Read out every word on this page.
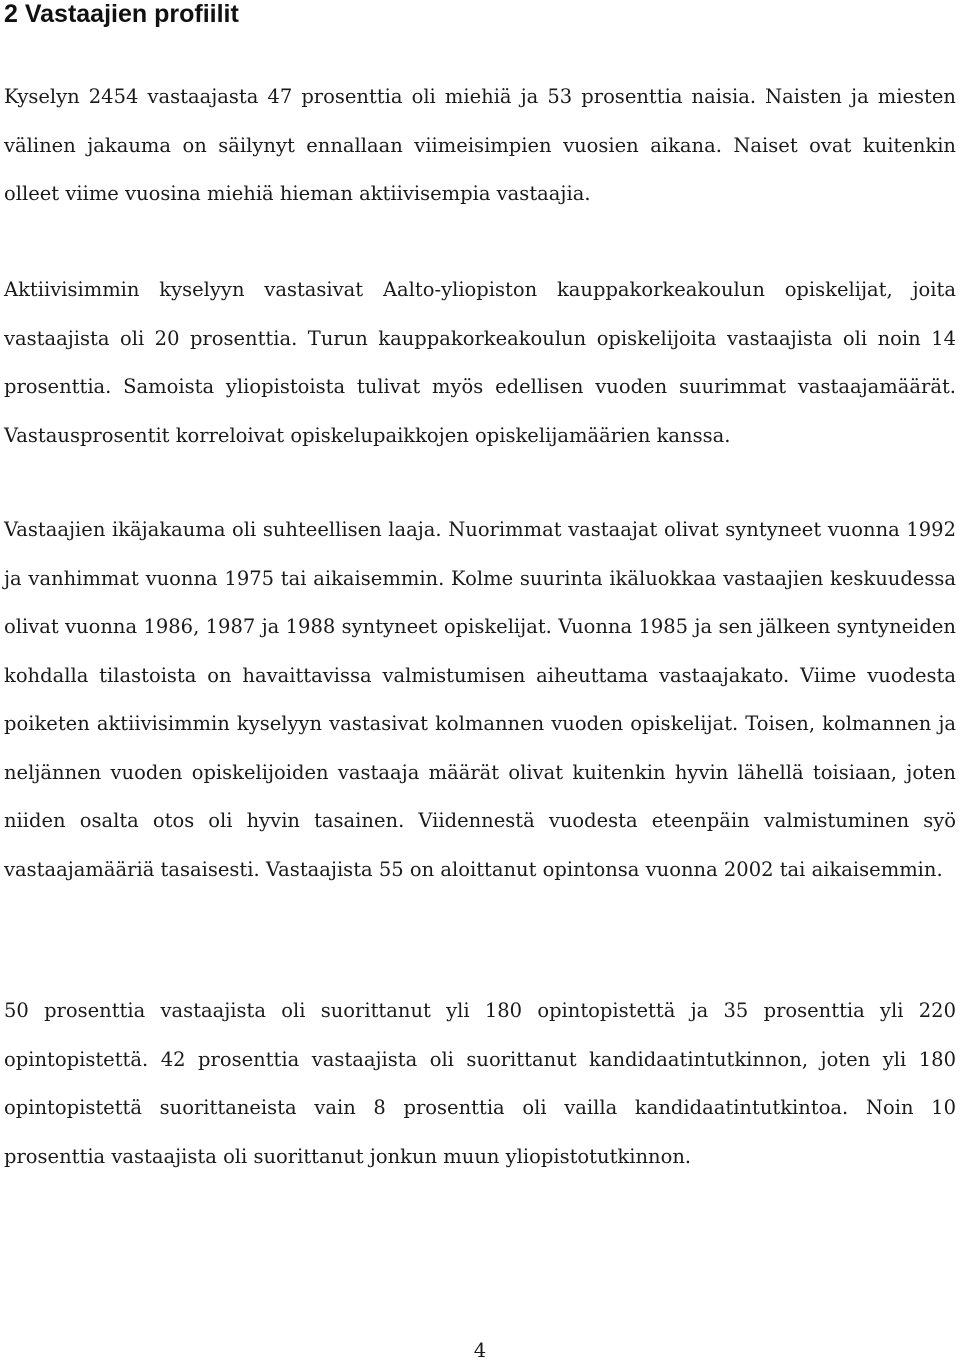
2 Vastaajien profiilit

Kyselyn 2454 vastaajasta 47 prosenttia oli miehiä ja 53 prosenttia naisia. Naisten ja miesten välinen jakauma on säilynyt ennallaan viimeisimpien vuosien aikana. Naiset ovat kuitenkin olleet viime vuosina miehiä hieman aktiivisempia vastaajia.

Aktiivisimmin kyselyyn vastasivat Aalto-yliopiston kauppakorkeakoulun opiskelijat, joita vastaajista oli 20 prosenttia. Turun kauppakorkeakoulun opiskelijoita vastaajista oli noin 14 prosenttia. Samoista yliopistoista tulivat myös edellisen vuoden suurimmat vastaajamäärät. Vastausprosentit korreloivat opiskelupaikkojen opiskelijamäärien kanssa.

Vastaajien ikäjakauma oli suhteellisen laaja. Nuorimmat vastaajat olivat syntyneet vuonna 1992 ja vanhimmat vuonna 1975 tai aikaisemmin. Kolme suurinta ikäluokkaa vastaajien keskuudessa olivat vuonna 1986, 1987 ja 1988 syntyneet opiskelijat. Vuonna 1985 ja sen jälkeen syntyneiden kohdalla tilastoista on havaittavissa valmistumisen aiheuttama vastaajakato. Viime vuodesta poiketen aktiivisimmin kyselyyn vastasivat kolmannen vuoden opiskelijat. Toisen, kolmannen ja neljännen vuoden opiskelijoiden vastaaja määrät olivat kuitenkin hyvin lähellä toisiaan, joten niiden osalta otos oli hyvin tasainen. Viidennestä vuodesta eteenpäin valmistuminen syö vastaajamääriä tasaisesti. Vastaajista 55 on aloittanut opintonsa vuonna 2002 tai aikaisemmin.

50 prosenttia vastaajista oli suorittanut yli 180 opintopistettä ja 35 prosenttia yli 220 opintopistettä. 42 prosenttia vastaajista oli suorittanut kandidaatintutkinnon, joten yli 180 opintopistettä suorittaneista vain 8 prosenttia oli vailla kandidaatintutkintoa. Noin 10 prosenttia vastaajista oli suorittanut jonkun muun yliopistotutkinnon.

4
